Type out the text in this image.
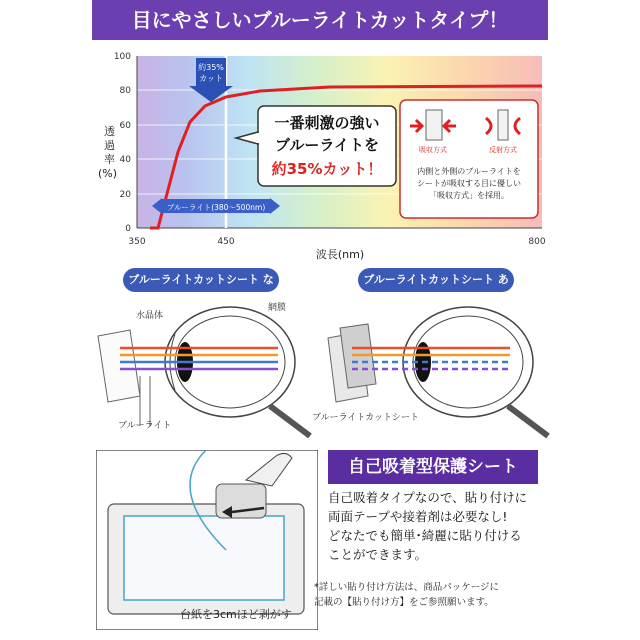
目にやさしいブルーライトカットタイプ！
100
80
60
40
20
0
350	450	800
波長(nm)
透過率(%)
約35%
カット
ブルーライト(380〜500nm)
一番刺激の強い
ブルーライトを
約35%カット！
吸収方式	反射方式
内側と外側のブルーライトを
シートが吸収する目に優しい
「吸収方式」を採用。
ブルーライトカットシート なし
ブルーライトカットシート あり
水晶体
網膜
ブルーライト
ブルーライトカットシート
自己吸着型保護シート
自己吸着タイプなので、貼り付けに
両面テープや接着剤は必要なし!
どなたでも簡単･綺麗に貼り付ける
ことができます。
*詳しい貼り付け方法は、商品パッケージに
記載の【貼り付け方】をご参照願います。
台紙を3cmほど剥がす
